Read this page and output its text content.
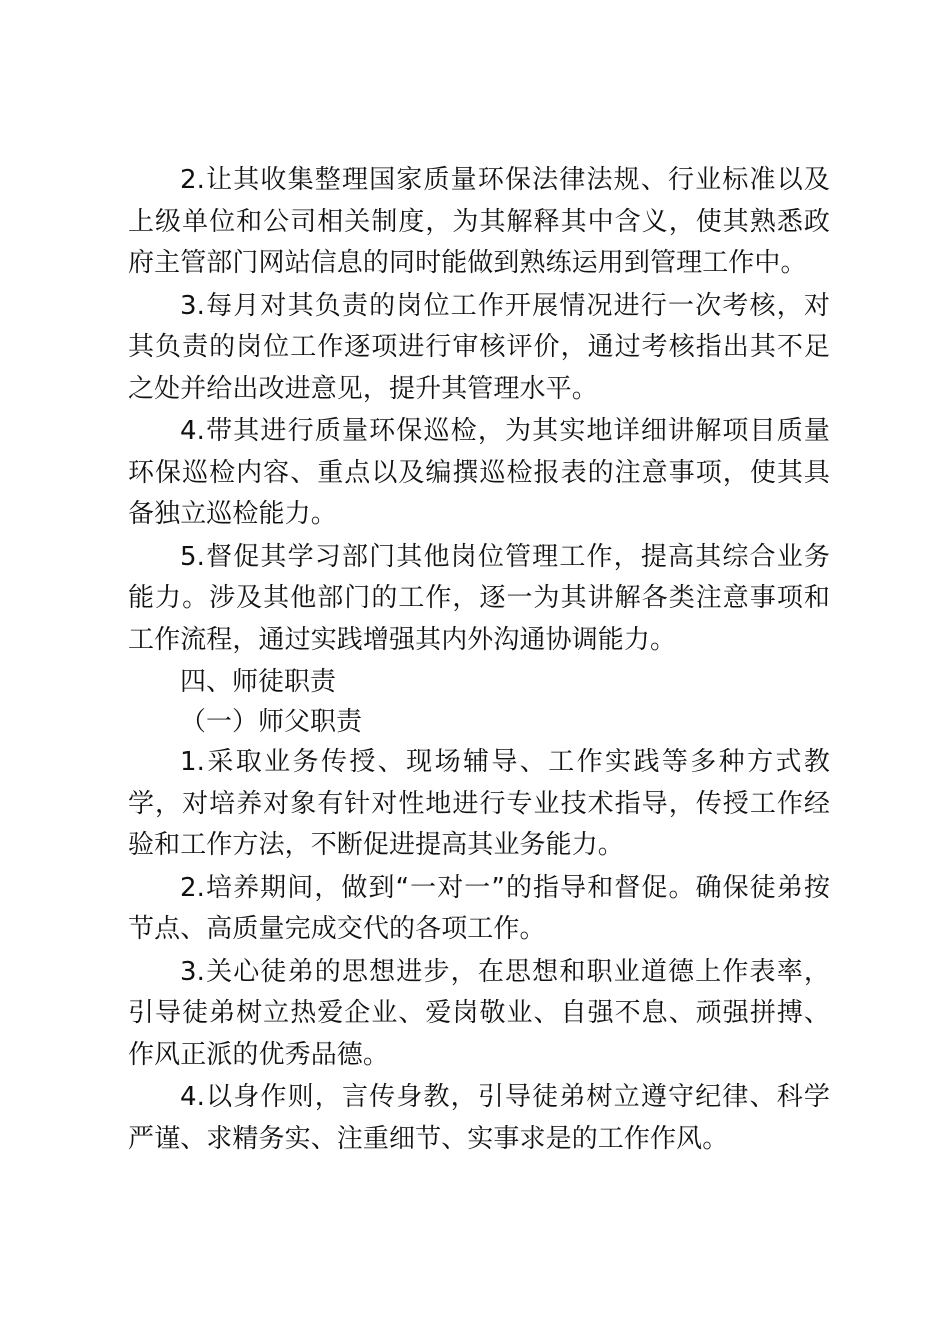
2.让其收集整理国家质量环保法律法规、行业标准以及上级单位和公司相关制度，为其解释其中含义，使其熟悉政府主管部门网站信息的同时能做到熟练运用到管理工作中。

3.每月对其负责的岗位工作开展情况进行一次考核，对其负责的岗位工作逐项进行审核评价，通过考核指出其不足之处并给出改进意见，提升其管理水平。

4.带其进行质量环保巡检，为其实地详细讲解项目质量环保巡检内容、重点以及编撰巡检报表的注意事项，使其具备独立巡检能力。

5.督促其学习部门其他岗位管理工作，提高其综合业务能力。涉及其他部门的工作，逐一为其讲解各类注意事项和工作流程，通过实践增强其内外沟通协调能力。

四、师徒职责

（一）师父职责

1.采取业务传授、现场辅导、工作实践等多种方式教学，对培养对象有针对性地进行专业技术指导，传授工作经验和工作方法，不断促进提高其业务能力。

2.培养期间，做到“一对一”的指导和督促。确保徒弟按节点、高质量完成交代的各项工作。

3.关心徒弟的思想进步，在思想和职业道德上作表率，引导徒弟树立热爱企业、爱岗敬业、自强不息、顽强拼搏、作风正派的优秀品德。

4.以身作则，言传身教，引导徒弟树立遵守纪律、科学严谨、求精务实、注重细节、实事求是的工作作风。
